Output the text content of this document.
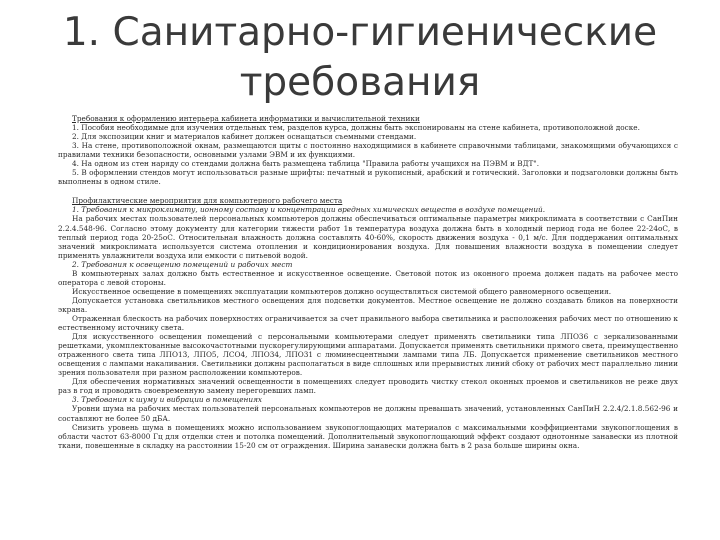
1. Санитарно-гигиенические
требования

Требования к оформлению интерьера кабинета информатики и вычислительной техники

1. Пособия необходимые для изучения отдельных тем, разделов курса, должны быть экспонированы на стене кабинета, противоположной доске.

2. Для экспозиции книг и материалов кабинет должен оснащаться съемными стендами.

3. На стене, противоположной окнам, размещаются щиты с постоянно находящимися в кабинете справочными таблицами, знакомящими обучающихся с правилами техники безопасности, основными узлами ЭВМ и их функциями.

4. На одном из стен наряду со стендами должна быть размещена таблица "Правила работы учащихся на ПЭВМ и ВДТ".

5. В оформлении стендов могут использоваться разные шрифты: печатный и рукописный, арабский и готический. Заголовки и подзаголовки должны быть выполнены в одном стиле.

Профилактические мероприятия для компьютерного рабочего места

1. Требования к микроклимату, ионному составу и концентрации вредных химических веществ в воздухе помещений.

На рабочих местах пользователей персональных компьютеров должны обеспечиваться оптимальные параметры микроклимата в соответствии с СанПин 2.2.4.548-96. Согласно этому документу для категории тяжести работ 1в температура воздуха должна быть в холодный период года не более 22-24оС, в теплый период года 20-25оС. Относительная влажность должна составлять 40-60%, скорость движения воздуха - 0,1 м/с. Для поддержания оптимальных значений микроклимата используется система отопления и кондиционирования воздуха. Для повышения влажности воздуха в помещении следует применять увлажнители воздуха или емкости с питьевой водой.

2. Требования к освещению помещений и рабочих мест

В компьютерных залах должно быть естественное и искусственное освещение. Световой поток из оконного проема должен падать на рабочее место оператора с левой стороны.

Искусственное освещение в помещениях эксплуатации компьютеров должно осуществляться системой общего равномерного освещения.

Допускается установка светильников местного освещения для подсветки документов. Местное освещение не должно создавать бликов на поверхности экрана.

Отраженная блескость на рабочих поверхностях ограничивается за счет правильного выбора светильника и расположения рабочих мест по отношению к естественному источнику света.

Для искусственного освещения помещений с персональными компьютерами следует применять светильники типа ЛПО36 с зеркализованными решетками, укомплектованные высокочастотными пускорегулирующими аппаратами. Допускается применять светильники прямого света, преимущественно отраженного света типа ЛПО13, ЛПО5, ЛСО4, ЛПО34, ЛПО31 с люминесцентными лампами типа ЛБ. Допускается применение светильников местного освещения с лампами накаливания. Светильники должны располагаться в виде сплошных или прерывистых линий сбоку от рабочих мест параллельно линии зрения пользователя при разном расположении компьютеров.

Для обеспечения нормативных значений освещенности в помещениях следует проводить чистку стекол оконных проемов и светильников не реже двух раз в год и проводить своевременную замену перегоревших ламп.

3. Требования к шуму и вибрации в помещениях

Уровни шума на рабочих местах пользователей персональных компьютеров не должны превышать значений, установленных СанПиН 2.2.4/2.1.8.562-96 и составляют не более 50 дБА.

Снизить уровень шума в помещениях можно использованием звукопоглощающих материалов с максимальными коэффициентами звукопоглощения в области частот 63-8000 Гц для отделки стен и потолка помещений. Дополнительный звукопоглощающий эффект создают однотонные занавески из плотной ткани, повешенные в складку на расстоянии 15-20 см от ограждения. Ширина занавески должна быть в 2 раза больше ширины окна.
